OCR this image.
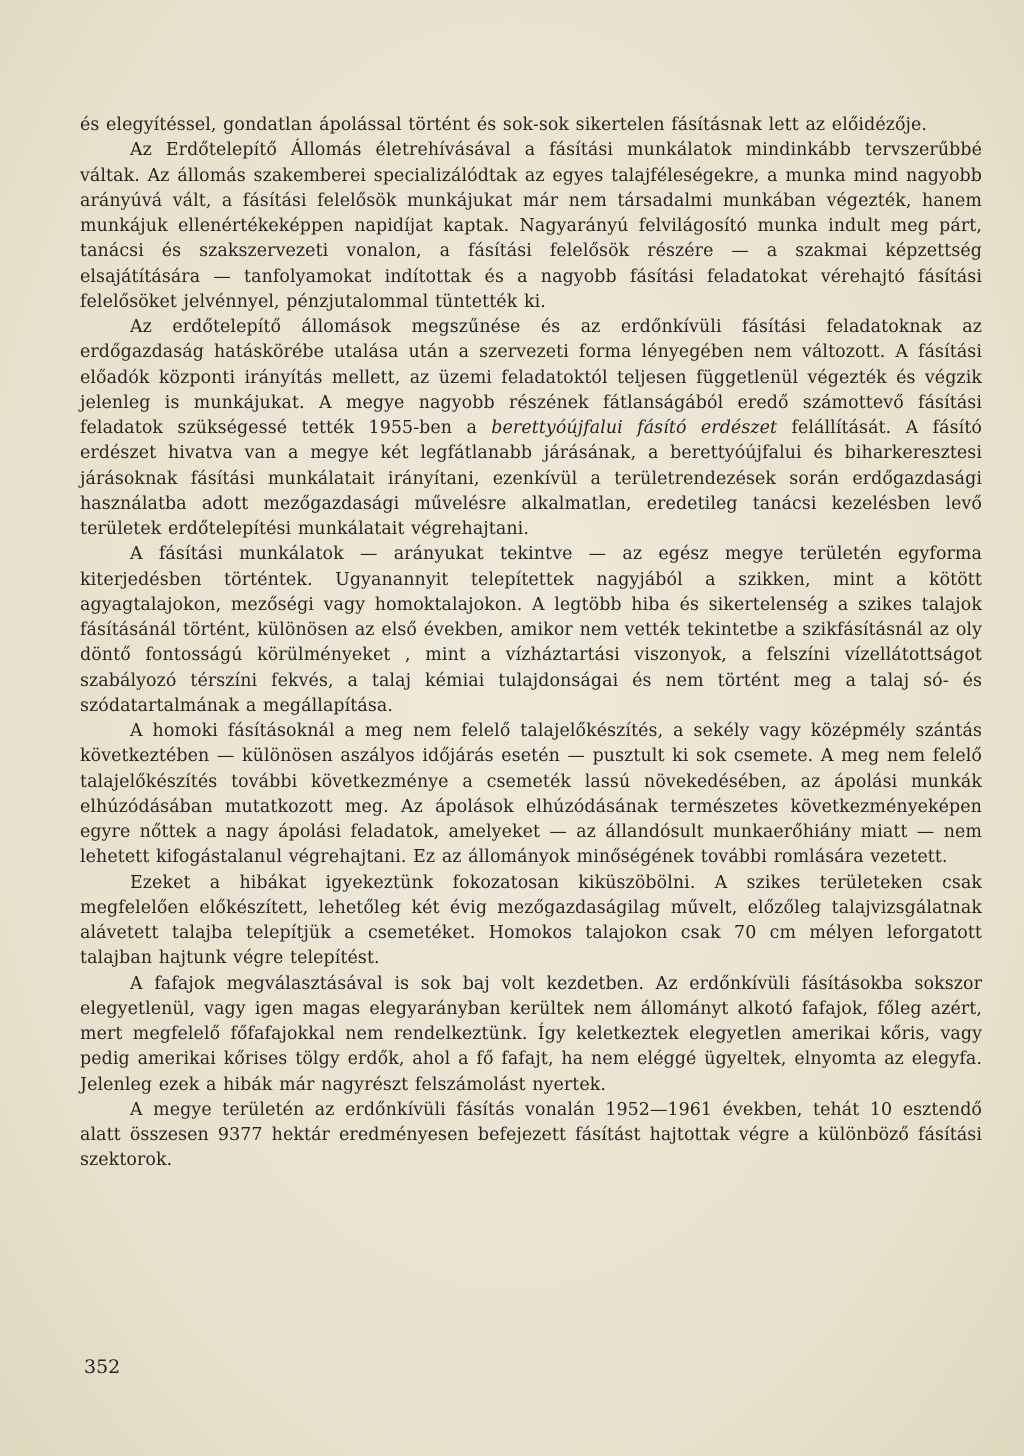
és elegyítéssel, gondatlan ápolással történt és sok-sok sikertelen fásításnak lett az előidézője.

Az Erdőtelepítő Állomás életrehívásával a fásítási munkálatok mindinkább tervszerűbbé váltak. Az állomás szakemberei specializálódtak az egyes talajféleségekre, a munka mind nagyobb arányúvá vált, a fásítási felelősök munkájukat már nem társadalmi munkában végezték, hanem munkájuk ellenértékeképpen napidíjat kaptak. Nagyarányú felvilágosító munka indult meg párt, tanácsi és szakszervezeti vonalon, a fásítási felelősök részére — a szakmai képzettség elsajátítására — tanfolyamokat indítottak és a nagyobb fásítási feladatokat vérehajtó fásítási felelősöket jelvénnyel, pénzjutalommal tüntették ki.

Az erdőtelepítő állomások megszűnése és az erdőnkívüli fásítási feladatoknak az erdőgazdaság hatáskörébe utalása után a szervezeti forma lényegében nem változott. A fásítási előadók központi irányítás mellett, az üzemi feladatoktól teljesen függetlenül végezték és végzik jelenleg is munkájukat. A megye nagyobb részének fátlanságából eredő számottevő fásítási feladatok szükségessé tették 1955-ben a berettyóújfalui fásító erdészet felállítását. A fásító erdészet hivatva van a megye két legfátlanabb járásának, a berettyóújfalui és biharkeresztesi járásoknak fásítási munkálatait irányítani, ezenkívül a területrendezések során erdőgazdasági használatba adott mezőgazdasági művelésre alkalmatlan, eredetileg tanácsi kezelésben levő területek erdőtelepítési munkálatait végrehajtani.

A fásítási munkálatok — arányukat tekintve — az egész megye területén egyforma kiterjedésben történtek. Ugyanannyit telepítettek nagyjából a szikken, mint a kötött agyagtalajokon, mezőségi vagy homoktalajokon. A legtöbb hiba és sikertelenség a szikes talajok fásításánál történt, különösen az első években, amikor nem vették tekintetbe a szikfásításnál az oly döntő fontosságú körülményeket , mint a vízháztartási viszonyok, a felszíni vízellátottságot szabályozó térszíni fekvés, a talaj kémiai tulajdonságai és nem történt meg a talaj só- és szódatartalmának a megállapítása.

A homoki fásításoknál a meg nem felelő talajelőkészítés, a sekély vagy középmély szántás következtében — különösen aszályos időjárás esetén — pusztult ki sok csemete. A meg nem felelő talajelőkészítés további következménye a csemeték lassú növekedésében, az ápolási munkák elhúzódásában mutatkozott meg. Az ápolások elhúzódásának természetes következményeképen egyre nőttek a nagy ápolási feladatok, amelyeket — az állandósult munkaerőhiány miatt — nem lehetett kifogástalanul végrehajtani. Ez az állományok minőségének további romlására vezetett.

Ezeket a hibákat igyekeztünk fokozatosan kiküszöbölni. A szikes területeken csak megfelelően előkészített, lehetőleg két évig mezőgazdaságilag művelt, előzőleg talajvizsgálatnak alávetett talajba telepítjük a csemetéket. Homokos talajokon csak 70 cm mélyen leforgatott talajban hajtunk végre telepítést.

A fafajok megválasztásával is sok baj volt kezdetben. Az erdőnkívüli fásításokba sokszor elegyetlenül, vagy igen magas elegyarányban kerültek nem állományt alkotó fafajok, főleg azért, mert megfelelő főfafajokkal nem rendelkeztünk. Így keletkeztek elegyetlen amerikai kőris, vagy pedig amerikai kőrises tölgy erdők, ahol a fő fafajt, ha nem eléggé ügyeltek, elnyomta az elegyfa. Jelenleg ezek a hibák már nagyrészt felszámolást nyertek.

A megye területén az erdőnkívüli fásítás vonalán 1952—1961 években, tehát 10 esztendő alatt összesen 9377 hektár eredményesen befejezett fásítást hajtottak végre a különböző fásítási szektorok.

352
